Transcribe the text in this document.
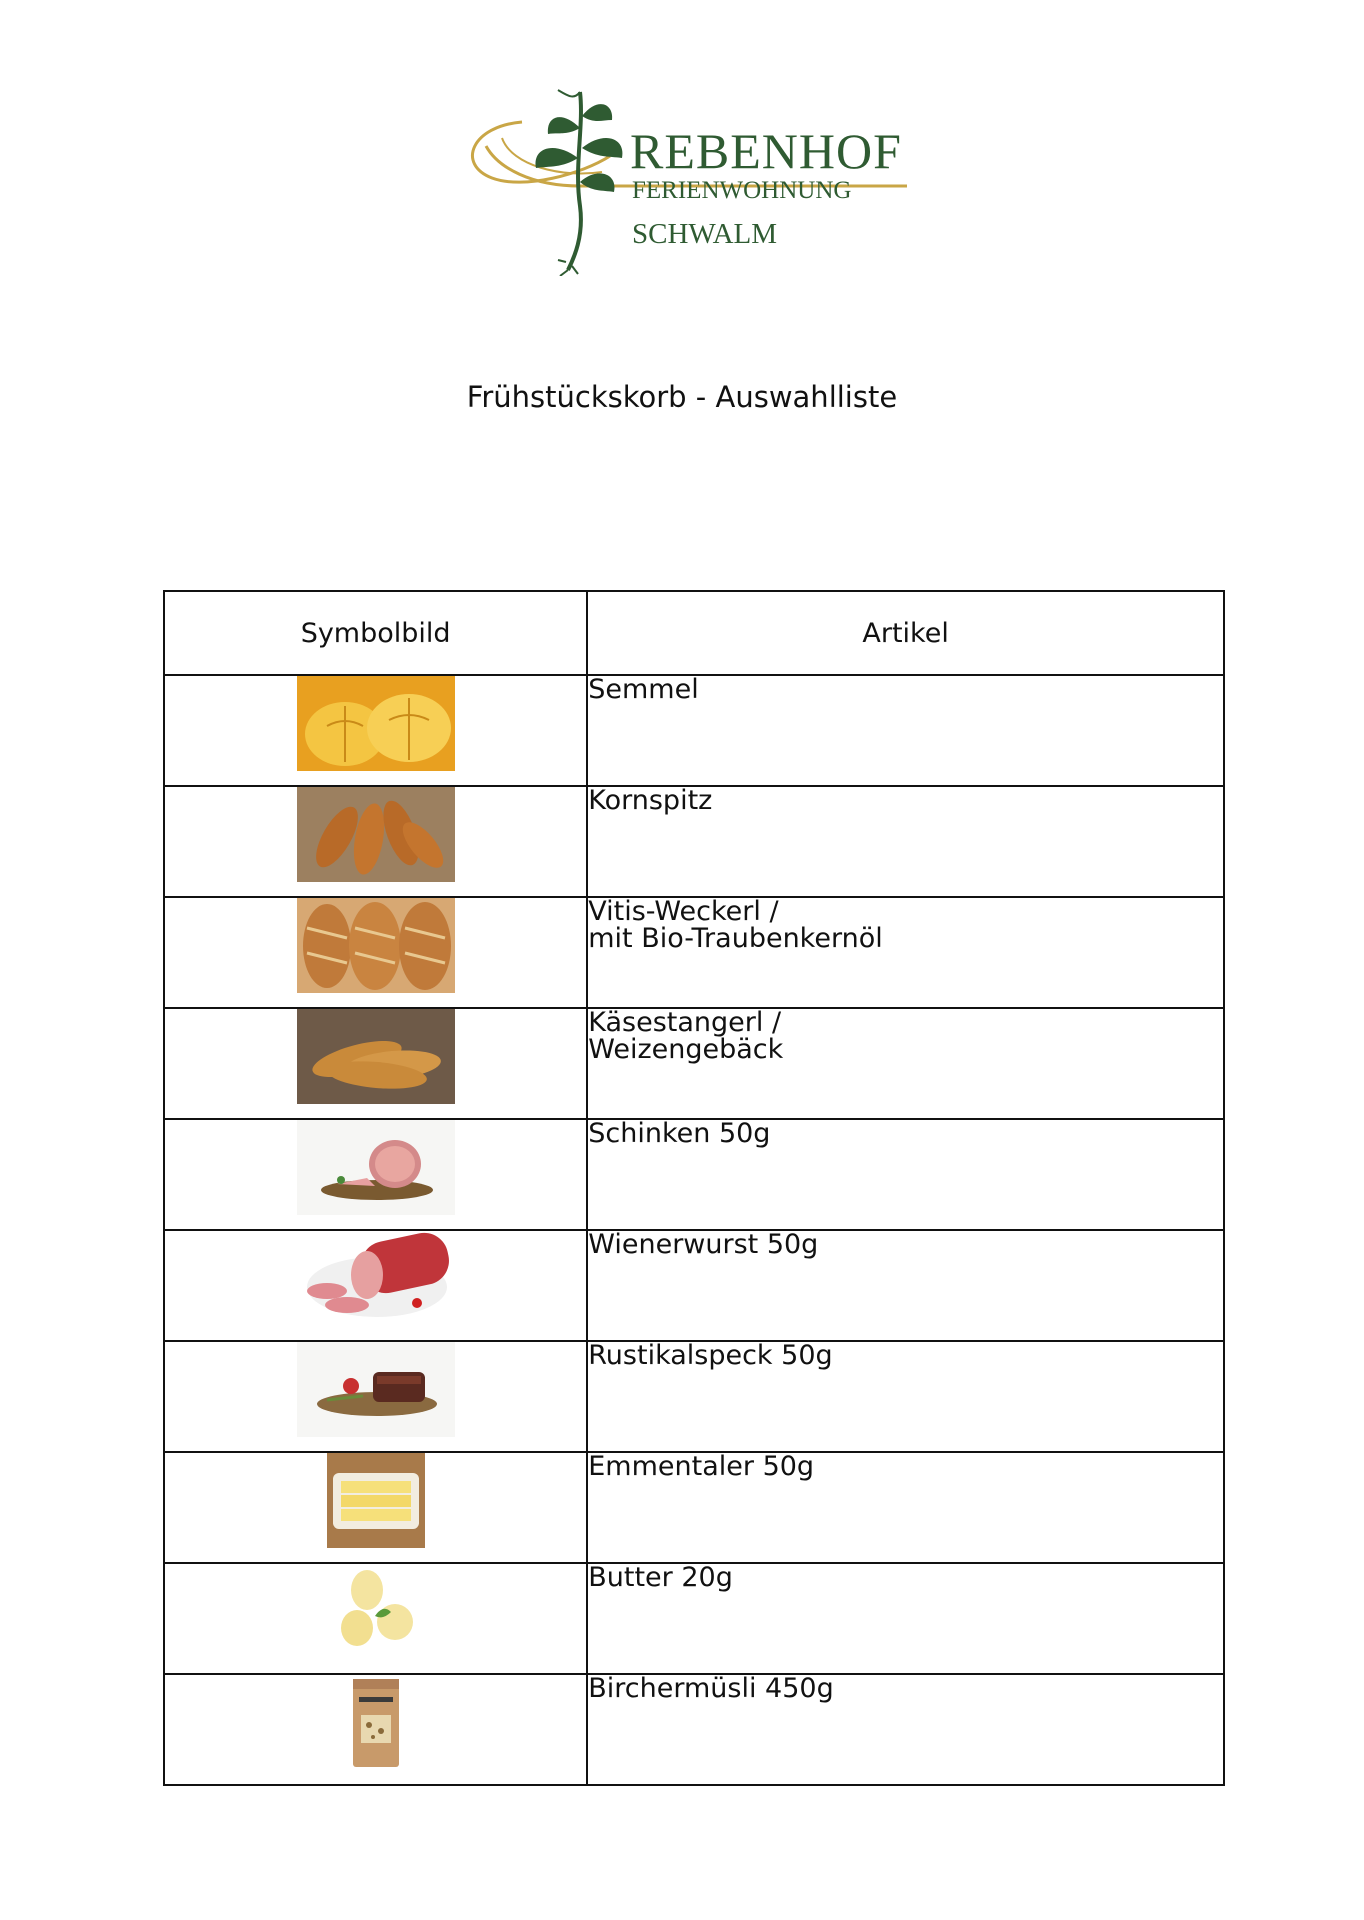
REBENHOF
FERIENWOHNUNG
SCHWALM
Frühstückskorb - Auswahlliste
Symbolbild	Artikel

	Semmel

	Kornspitz

	Vitis-Weckerl /
mit Bio-Traubenkernöl

	Käsestangerl /
Weizengebäck

	Schinken 50g

	Wienerwurst 50g

	Rustikalspeck 50g

	Emmentaler 50g

	Butter 20g

	Birchermüsli 450g
